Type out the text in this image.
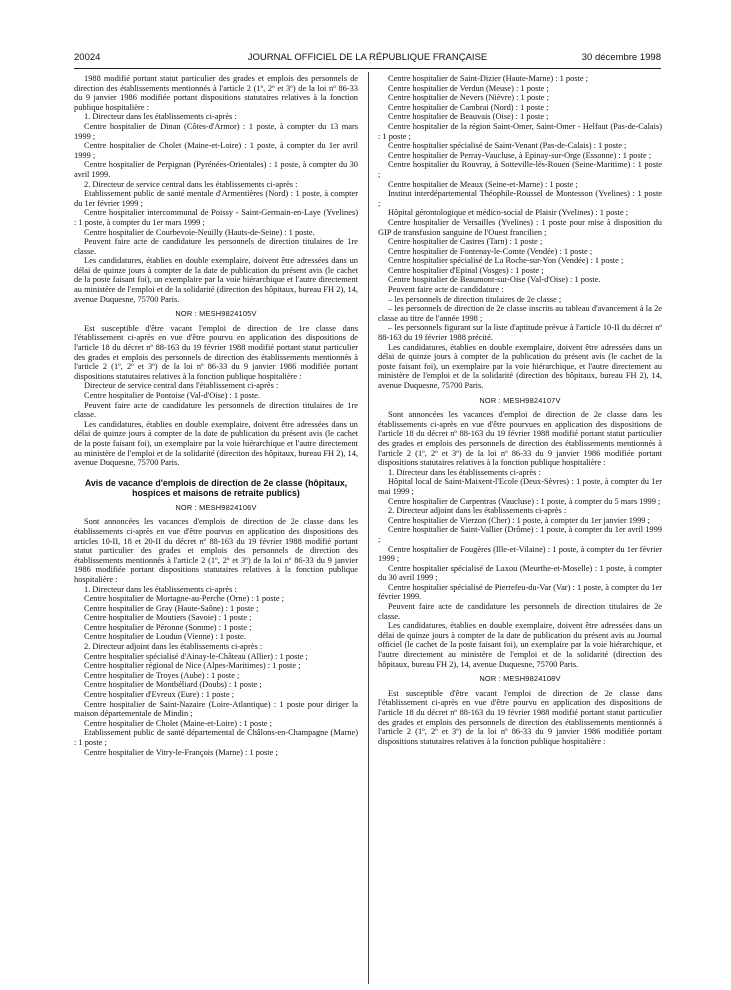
20024	JOURNAL OFFICIEL DE LA RÉPUBLIQUE FRANÇAISE	30 décembre 1998

1988 modifié portant statut particulier des grades et emplois des personnels de direction des établissements mentionnés à l'article 2 (1º, 2º et 3º) de la loi nº 86-33 du 9 janvier 1986 modifiée portant dispositions statutaires relatives à la fonction publique hospitalière :

1. Directeur dans les établissements ci-après :

Centre hospitalier de Dinan (Côtes-d'Armor) : 1 poste, à compter du 13 mars 1999 ;

Centre hospitalier de Cholet (Maine-et-Loire) : 1 poste, à compter du 1er avril 1999 ;

Centre hospitalier de Perpignan (Pyrénées-Orientales) : 1 poste, à compter du 30 avril 1999.

2. Directeur de service central dans les établissements ci-après :

Etablissement public de santé mentale d'Armentières (Nord) : 1 poste, à compter du 1er février 1999 ;

Centre hospitalier intercommunal de Poissy - Saint-Germain-en-Laye (Yvelines) : 1 poste, à compter du 1er mars 1999 ;

Centre hospitalier de Courbevoie-Neuilly (Hauts-de-Seine) : 1 poste.

Peuvent faire acte de candidature les personnels de direction titulaires de 1re classe.

Les candidatures, établies en double exemplaire, doivent être adressées dans un délai de quinze jours à compter de la date de publication du présent avis (le cachet de la poste faisant foi), un exemplaire par la voie hiérarchique et l'autre directement au ministère de l'emploi et de la solidarité (direction des hôpitaux, bureau FH 2), 14, avenue Duquesne, 75700 Paris.

NOR : MESH9824105V

Est susceptible d'être vacant l'emploi de direction de 1re classe dans l'établissement ci-après en vue d'être pourvu en application des dispositions de l'article 18 du décret nº 88-163 du 19 février 1988 modifié portant statut particulier des grades et emplois des personnels de direction des établissements mentionnés à l'article 2 (1º, 2º et 3º) de la loi nº 86-33 du 9 janvier 1986 modifiée portant dispositions statutaires relatives à la fonction publique hospitalière :

Directeur de service central dans l'établissement ci-après :

Centre hospitalier de Pontoise (Val-d'Oise) : 1 poste.

Peuvent faire acte de candidature les personnels de direction titulaires de 1re classe.

Les candidatures, établies en double exemplaire, doivent être adressées dans un délai de quinze jours à compter de la date de publication du présent avis (le cachet de la poste faisant foi), un exemplaire par la voie hiérarchique et l'autre directement au ministère de l'emploi et de la solidarité (direction des hôpitaux, bureau FH 2), 14, avenue Duquesne, 75700 Paris.

Avis de vacance d'emplois de direction de 2e classe (hôpitaux, hospices et maisons de retraite publics)

NOR : MESH9824106V

Sont annoncées les vacances d'emplois de direction de 2e classe dans les établissements ci-après en vue d'être pourvus en application des dispositions des articles 10-II, 18 et 20-II du décret nº 88-163 du 19 février 1988 modifié portant statut particulier des grades et emplois des personnels de direction des établissements mentionnés à l'article 2 (1º, 2º et 3º) de la loi nº 86-33 du 9 janvier 1986 modifiée portant dispositions statutaires relatives à la fonction publique hospitalière :

1. Directeur dans les établissements ci-après :

Centre hospitalier de Mortagne-au-Perche (Orne) : 1 poste ;

Centre hospitalier de Gray (Haute-Saône) : 1 poste ;

Centre hospitalier de Moutiers (Savoie) : 1 poste ;

Centre hospitalier de Péronne (Somme) : 1 poste ;

Centre hospitalier de Loudun (Vienne) : 1 poste.

2. Directeur adjoint dans les établissements ci-après :

Centre hospitalier spécialisé d'Ainay-le-Château (Allier) : 1 poste ;

Centre hospitalier régional de Nice (Alpes-Maritimes) : 1 poste ;

Centre hospitalier de Troyes (Aube) : 1 poste ;

Centre hospitalier de Montbéliard (Doubs) : 1 poste ;

Centre hospitalier d'Evreux (Eure) : 1 poste ;

Centre hospitalier de Saint-Nazaire (Loire-Atlantique) : 1 poste pour diriger la maison départementale de Mindin ;

Centre hospitalier de Cholet (Maine-et-Loire) : 1 poste ;

Etablissement public de santé départemental de Châlons-en-Champagne (Marne) : 1 poste ;

Centre hospitalier de Vitry-le-François (Marne) : 1 poste ;

Centre hospitalier de Saint-Dizier (Haute-Marne) : 1 poste ;

Centre hospitalier de Verdun (Meuse) : 1 poste ;

Centre hospitalier de Nevers (Nièvre) : 1 poste ;

Centre hospitalier de Cambrai (Nord) : 1 poste ;

Centre hospitalier de Beauvais (Oise) : 1 poste ;

Centre hospitalier de la région Saint-Omer, Saint-Omer - Helfaut (Pas-de-Calais) : 1 poste ;

Centre hospitalier spécialisé de Saint-Venant (Pas-de-Calais) : 1 poste ;

Centre hospitalier de Perray-Vaucluse, à Epinay-sur-Orge (Essonne) : 1 poste ;

Centre hospitalier du Rouvray, à Sotteville-lès-Rouen (Seine-Maritime) : 1 poste ;

Centre hospitalier de Meaux (Seine-et-Marne) : 1 poste ;

Institut interdépartemental Théophile-Roussel de Montesson (Yvelines) : 1 poste ;

Hôpital gérontologique et médico-social de Plaisir (Yvelines) : 1 poste ;

Centre hospitalier de Versailles (Yvelines) : 1 poste pour mise à disposition du GIP de transfusion sanguine de l'Ouest francilien ;

Centre hospitalier de Castres (Tarn) : 1 poste ;

Centre hospitalier de Fontenay-le-Comte (Vendée) : 1 poste ;

Centre hospitalier spécialisé de La Roche-sur-Yon (Vendée) : 1 poste ;

Centre hospitalier d'Epinal (Vosges) : 1 poste ;

Centre hospitalier de Beaumont-sur-Oise (Val-d'Oise) : 1 poste.

Peuvent faire acte de candidature :

– les personnels de direction titulaires de 2e classe ;

– les personnels de direction de 2e classe inscrits au tableau d'avancement à la 2e classe au titre de l'année 1998 ;

– les personnels figurant sur la liste d'aptitude prévue à l'article 10-II du décret nº 88-163 du 19 février 1988 précité.

Les candidatures, établies en double exemplaire, doivent être adressées dans un délai de quinze jours à compter de la publication du présent avis (le cachet de la poste faisant foi), un exemplaire par la voie hiérarchique, et l'autre directement au ministère de l'emploi et de la solidarité (direction des hôpitaux, bureau FH 2), 14, avenue Duquesne, 75700 Paris.

NOR : MESH9824107V

Sont annoncées les vacances d'emploi de direction de 2e classe dans les établissements ci-après en vue d'être pourvues en application des dispositions de l'article 18 du décret nº 88-163 du 19 février 1988 modifié portant statut particulier des grades et emplois des personnels de direction des établissements mentionnés à l'article 2 (1º, 2º et 3º) de la loi nº 86-33 du 9 janvier 1986 modifiée portant dispositions statutaires relatives à la fonction publique hospitalière :

1. Directeur dans les établissements ci-après :

Hôpital local de Saint-Maixent-l'Ecole (Deux-Sèvres) : 1 poste, à compter du 1er mai 1999 ;

Centre hospitalier de Carpentras (Vaucluse) : 1 poste, à compter du 5 mars 1999 ;

2. Directeur adjoint dans les établissements ci-après :

Centre hospitalier de Vierzon (Cher) : 1 poste, à compter du 1er janvier 1999 ;

Centre hospitalier de Saint-Vallier (Drôme) : 1 poste, à compter du 1er avril 1999 ;

Centre hospitalier de Fougères (Ille-et-Vilaine) : 1 poste, à compter du 1er février 1999 ;

Centre hospitalier spécialisé de Laxou (Meurthe-et-Moselle) : 1 poste, à compter du 30 avril 1999 ;

Centre hospitalier spécialisé de Pierrefeu-du-Var (Var) : 1 poste, à compter du 1er février 1999.

Peuvent faire acte de candidature les personnels de direction titulaires de 2e classe.

Les candidatures, établies en double exemplaire, doivent être adressées dans un délai de quinze jours à compter de la date de publication du présent avis au Journal officiel (le cachet de la poste faisant foi), un exemplaire par la voie hiérarchique, et l'autre directement au ministère de l'emploi et de la solidarité (direction des hôpitaux, bureau FH 2), 14, avenue Duquesne, 75700 Paris.

NOR : MESH9824108V

Est susceptible d'être vacant l'emploi de direction de 2e classe dans l'établissement ci-après en vue d'être pourvu en application des dispositions de l'article 18 du décret nº 88-163 du 19 février 1988 modifié portant statut particulier des grades et emplois des personnels de direction des établissements mentionnés à l'article 2 (1º, 2º et 3º) de la loi nº 86-33 du 9 janvier 1986 modifiée portant dispositions statutaires relatives à la fonction publique hospitalière :
